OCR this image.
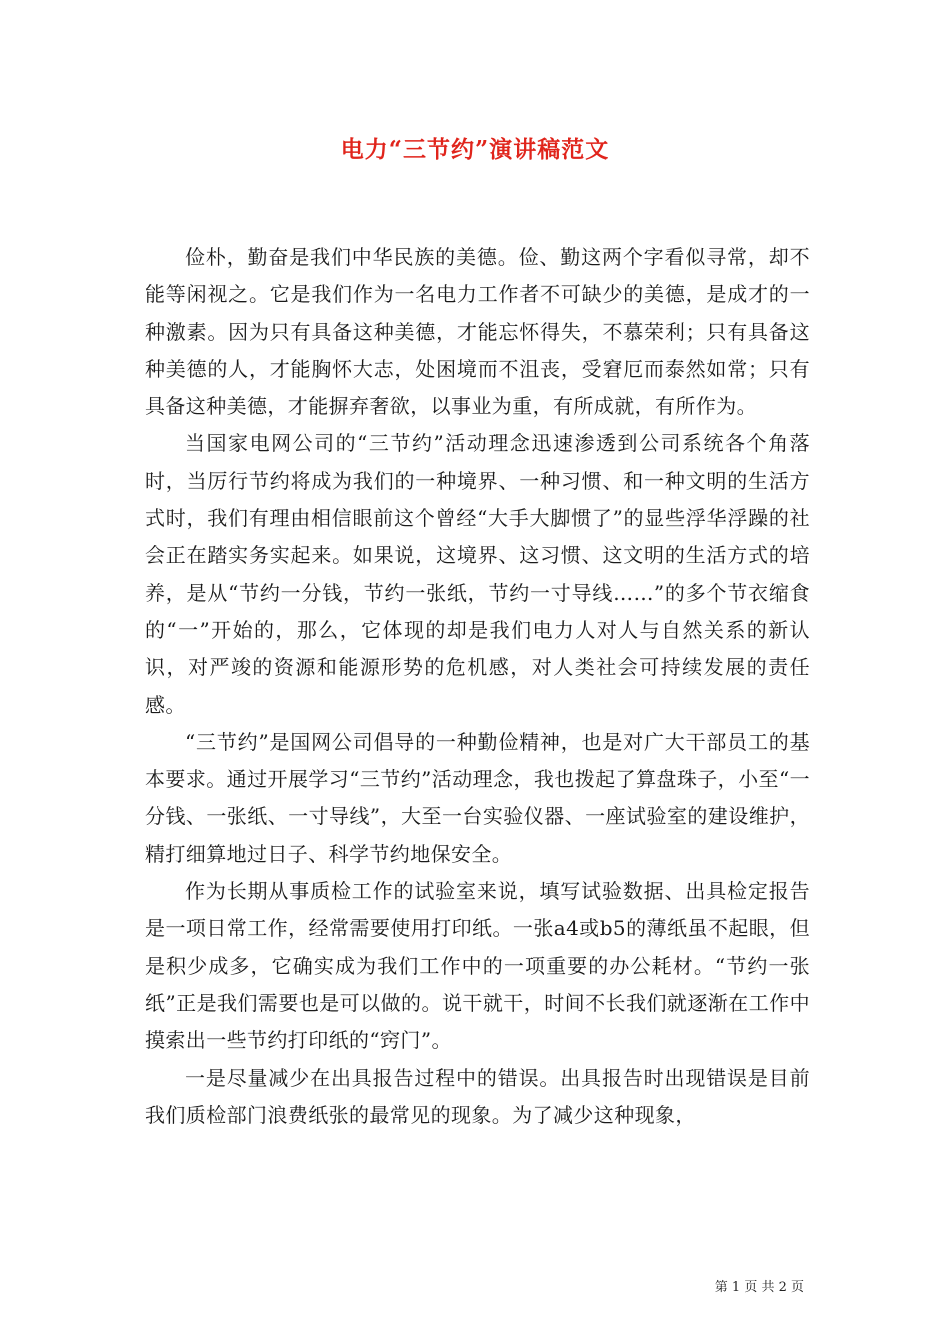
电力“三节约”演讲稿范文

俭朴，勤奋是我们中华民族的美德。俭、勤这两个字看似寻常，却不能等闲视之。它是我们作为一名电力工作者不可缺少的美德，是成才的一种激素。因为只有具备这种美德，才能忘怀得失，不慕荣利；只有具备这种美德的人，才能胸怀大志，处困境而不沮丧，受窘厄而泰然如常；只有具备这种美德，才能摒弃奢欲，以事业为重，有所成就，有所作为。

当国家电网公司的“三节约”活动理念迅速渗透到公司系统各个角落时，当厉行节约将成为我们的一种境界、一种习惯、和一种文明的生活方式时，我们有理由相信眼前这个曾经“大手大脚惯了”的显些浮华浮躁的社会正在踏实务实起来。如果说，这境界、这习惯、这文明的生活方式的培养，是从“节约一分钱，节约一张纸，节约一寸导线……”的多个节衣缩食的“一”开始的，那么，它体现的却是我们电力人对人与自然关系的新认识，对严竣的资源和能源形势的危机感，对人类社会可持续发展的责任感。

“三节约”是国网公司倡导的一种勤俭精神，也是对广大干部员工的基本要求。通过开展学习“三节约”活动理念，我也拨起了算盘珠子，小至“一分钱、一张纸、一寸导线”，大至一台实验仪器、一座试验室的建设维护，精打细算地过日子、科学节约地保安全。

作为长期从事质检工作的试验室来说，填写试验数据、出具检定报告是一项日常工作，经常需要使用打印纸。一张a4或b5的薄纸虽不起眼，但是积少成多，它确实成为我们工作中的一项重要的办公耗材。“节约一张纸”正是我们需要也是可以做的。说干就干，时间不长我们就逐渐在工作中摸索出一些节约打印纸的“窍门”。

一是尽量减少在出具报告过程中的错误。出具报告时出现错误是目前我们质检部门浪费纸张的最常见的现象。为了减少这种现象，

第 1 页 共 2 页
